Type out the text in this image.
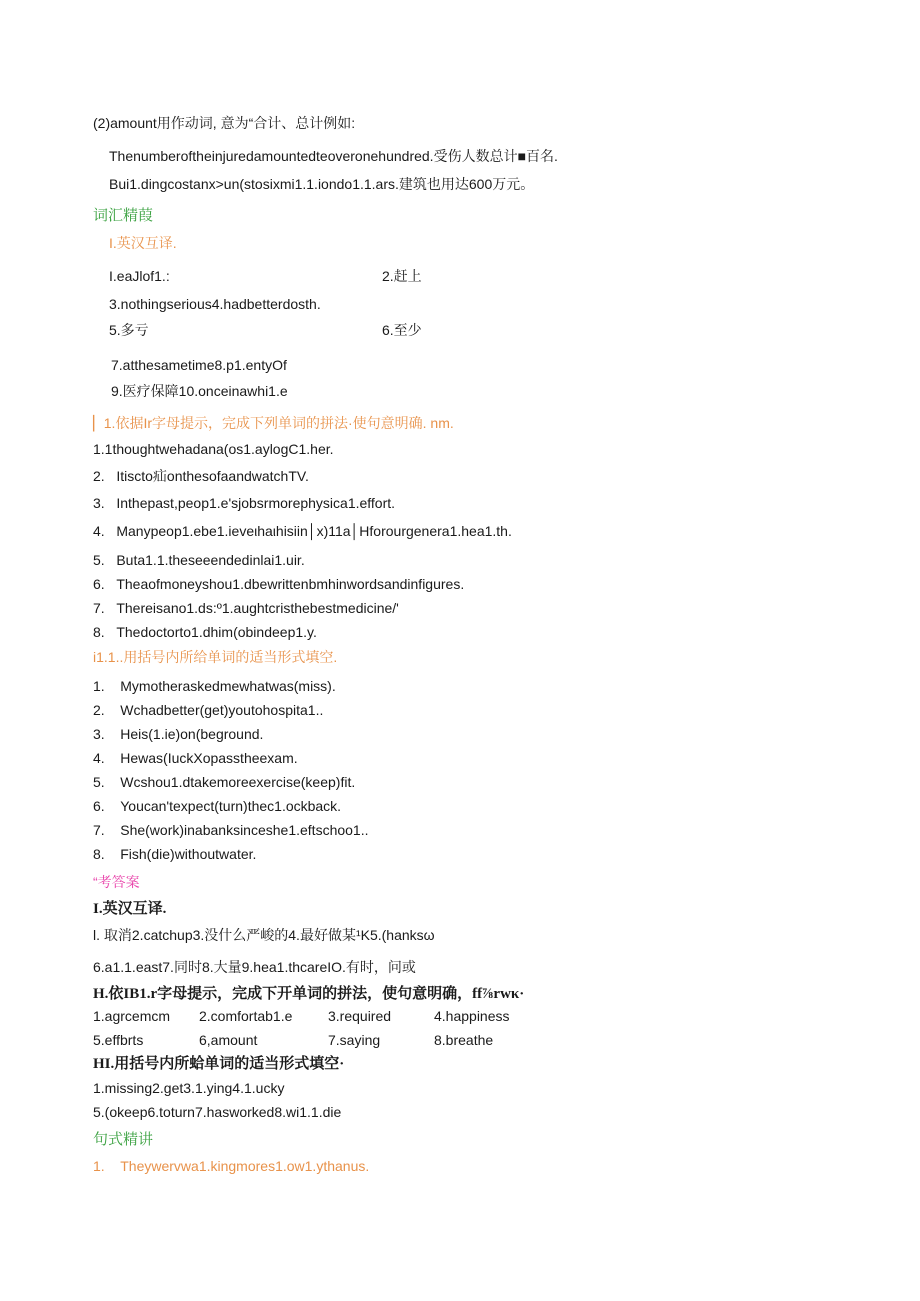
(2)amount用作动词, 意为“合计、总计例如:
Thenumberoftheinjuredamountedteoveronehundred.受伤人数总计■百名.
Bui1.dingcostanx>un(stosixmi1.1.iondo1.1.ars.建筑也用达600万元。
词汇精葭
I.英汉互译.
I.eaJlof1.:	2.赶上
3.nothingserious4.hadbetterdosth.
5.多亏	6.至少
7.atthesametime8.p1.entyOf
9.医疗保障10.onceinawhi1.e
▏1.依据Ir字母提示，完成下列单词的拼法·使句意明确. nm.
1.1thoughtwehadana(os1.aylogC1.her.
2.   Itisctο疝onthesofaandwatchTV.
3.   Inthepast,peop1.e'sjobsrmorephysica1.effort.
4.   Manypeop1.ebe1.ieveιhaιhisiin│x)11a│Hforourgenera1.hea1.th.
5.   Buta1.1.theseeendedinlai1.uir.
6.   Theaofmoneyshou1.dbewrittenbmhinwordsandinfigures.
7.   Thereisano1.ds:º1.aughtcristhebestmedicine/'
8.   Thedoctorto1.dhim(obindeep1.y.
i1.1..用括号内所给单词的适当形式填空.
1.    Mymotheraskedmewhatwas(miss).
2.    Wchadbetter(get)youtohospita1..
3.    Heis(1.ie)on(beground.
4.    Hewas(IuckXopasstheexam.
5.    Wcshou1.dtakemoreexercise(keep)fit.
6.    Youcan'texpect(turn)thec1.ockback.
7.    She(work)inabanksinceshe1.eftschoo1..
8.    Fish(die)withoutwater.
“考答案
I.英汉互译.
l. 取消2.catchup3.没什么严峻的4.最好做某¹K5.(hanksω
6.a1.1.east7.同时8.大量9.hea1.thcareIO.有时，问或
H.依IB1.r字母提示，完成下开单词的拼法，使句意明确，ff⅞rwκ·
1.agrcemcm 2.comfortab1.e	3.required	4.happiness
5.effbrts	6,amount	7.saying	8.breathe
HI.用括号内所蛤单词的适当形式填空·
1.missing2.get3.1.ying4.1.ucky
5.(okeep6.toturn7.hasworked8.wi1.1.die
句式精讲
1.    Theywervwa1.kingmores1.ow1.ythanus.
